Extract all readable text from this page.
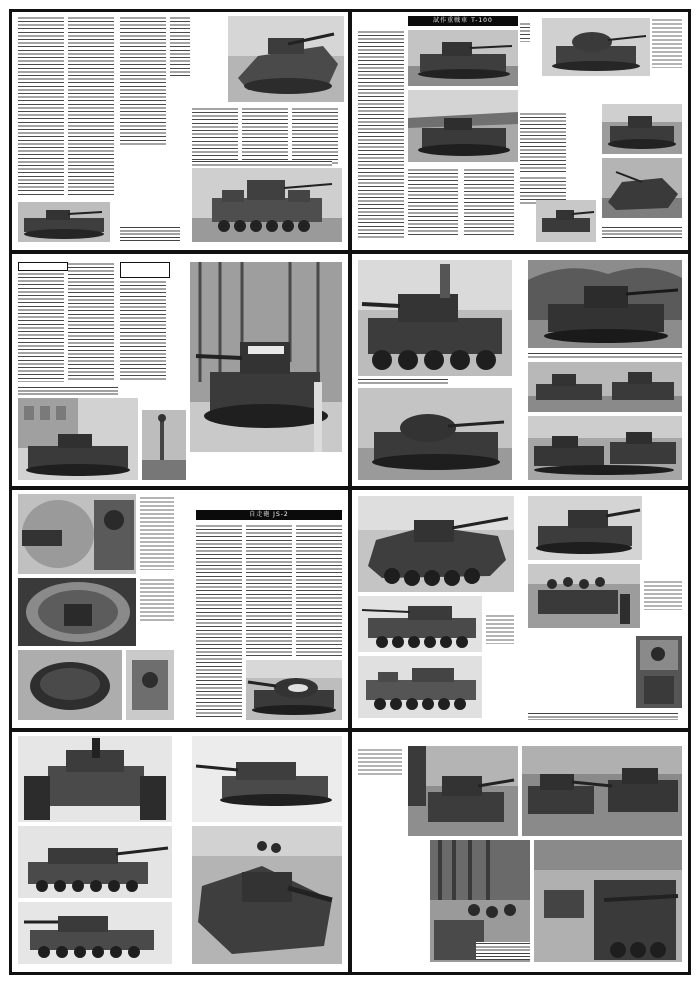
試作重戦車 T-100
自走砲 JS-2
